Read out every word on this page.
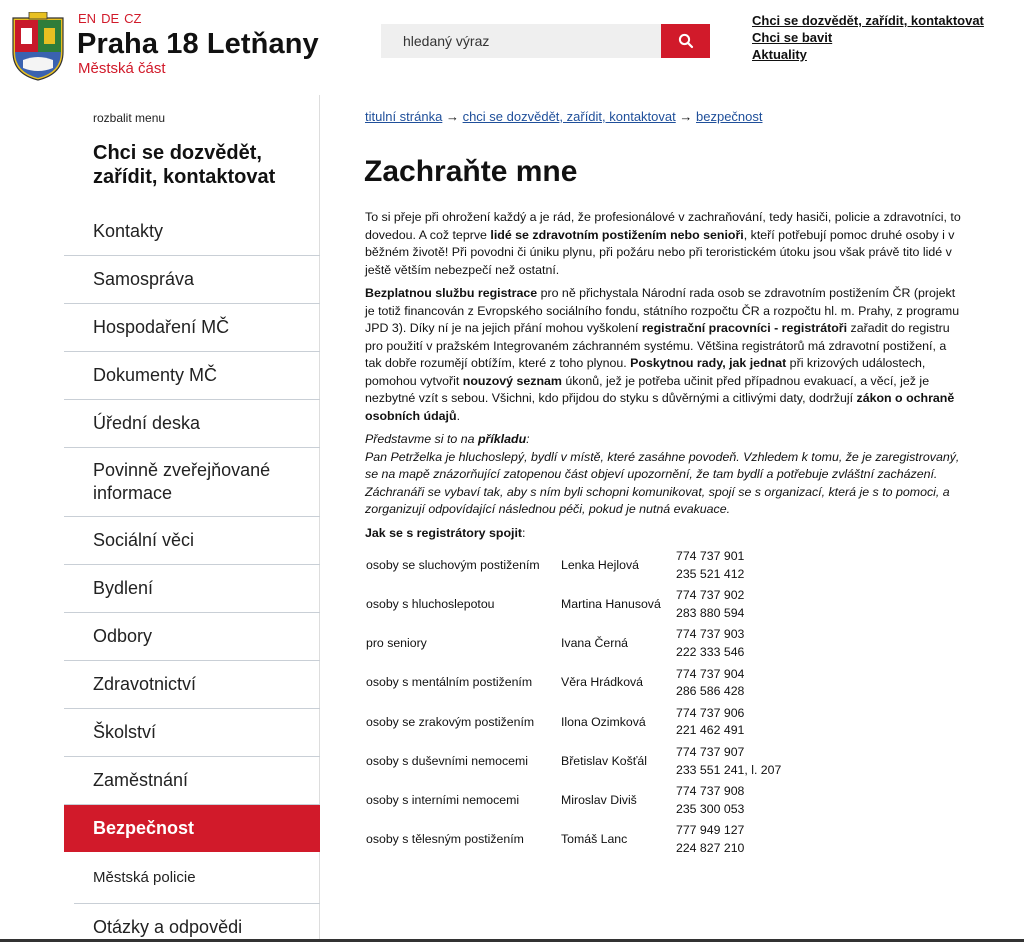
EN DE CZ
Praha 18 Letňany
Městská část
hledaný výraz
Chci se dozvědět, zařídit, kontaktovat
Chci se bavit
Aktuality
rozbalit menu
Chci se dozvědět, zařídit, kontaktovat
Kontakty
Samospráva
Hospodaření MČ
Dokumenty MČ
Úřední deska
Povinně zveřejňované informace
Sociální věci
Bydlení
Odbory
Zdravotnictví
Školství
Zaměstnání
Bezpečnost
Městská policie
Otázky a odpovědi
titulní stránka → chci se dozvědět, zařídit, kontaktovat → bezpečnost
Zachraňte mne

To si přeje při ohrožení každý a je rád, že profesionálové v zachraňování, tedy hasiči, policie a zdravotníci, to dovedou. A což teprve lidé se zdravotním postižením nebo senioři, kteří potřebují pomoc druhé osoby i v běžném životě! Při povodni či úniku plynu, při požáru nebo při teroristickém útoku jsou však právě tito lidé v ještě větším nebezpečí než ostatní.

Bezplatnou službu registrace pro ně přichystala Národní rada osob se zdravotním postižením ČR (projekt je totiž financován z Evropského sociálního fondu, státního rozpočtu ČR a rozpočtu hl. m. Prahy, z programu JPD 3). Díky ní je na jejich přání mohou vyškolení registrační pracovníci - registrátoři zařadit do registru pro použití v pražském Integrovaném záchranném systému. Většina registrátorů má zdravotní postižení, a tak dobře rozumějí obtížím, které z toho plynou. Poskytnou rady, jak jednat při krizových událostech, pomohou vytvořit nouzový seznam úkonů, jež je potřeba učinit před případnou evakuací, a věcí, jež je nezbytné vzít s sebou. Všichni, kdo přijdou do styku s důvěrnými a citlivými daty, dodržují zákon o ochraně osobních údajů.

Představme si to na příkladu:
Pan Petrželka je hluchoslepý, bydlí v místě, které zasáhne povodeň. Vzhledem k tomu, že je zaregistrovaný, se na mapě znázorňující zatopenou část objeví upozornění, že tam bydlí a potřebuje zvláštní zacházení. Záchranáři se vybaví tak, aby s ním byli schopni komunikovat, spojí se s organizací, která je s to pomoci, a zorganizují odpovídající následnou péči, pokud je nutná evakuace.
Jak se s registrátory spojit:
osoby se sluchovým postižením	Lenka Hejlová	774 737 901
235 521 412

osoby s hluchoslepotou	Martina Hanusová	774 737 902
283 880 594

pro seniory	Ivana Černá	774 737 903
222 333 546

osoby s mentálním postižením	Věra Hrádková	774 737 904
286 586 428

osoby se zrakovým postižením	Ilona Ozimková	774 737 906
221 462 491

osoby s duševními nemocemi	Břetislav Košťál	774 737 907
233 551 241, l. 207

osoby s interními nemocemi	Miroslav Diviš	774 737 908
235 300 053

osoby s tělesným postižením	Tomáš Lanc	777 949 127
224 827 210
